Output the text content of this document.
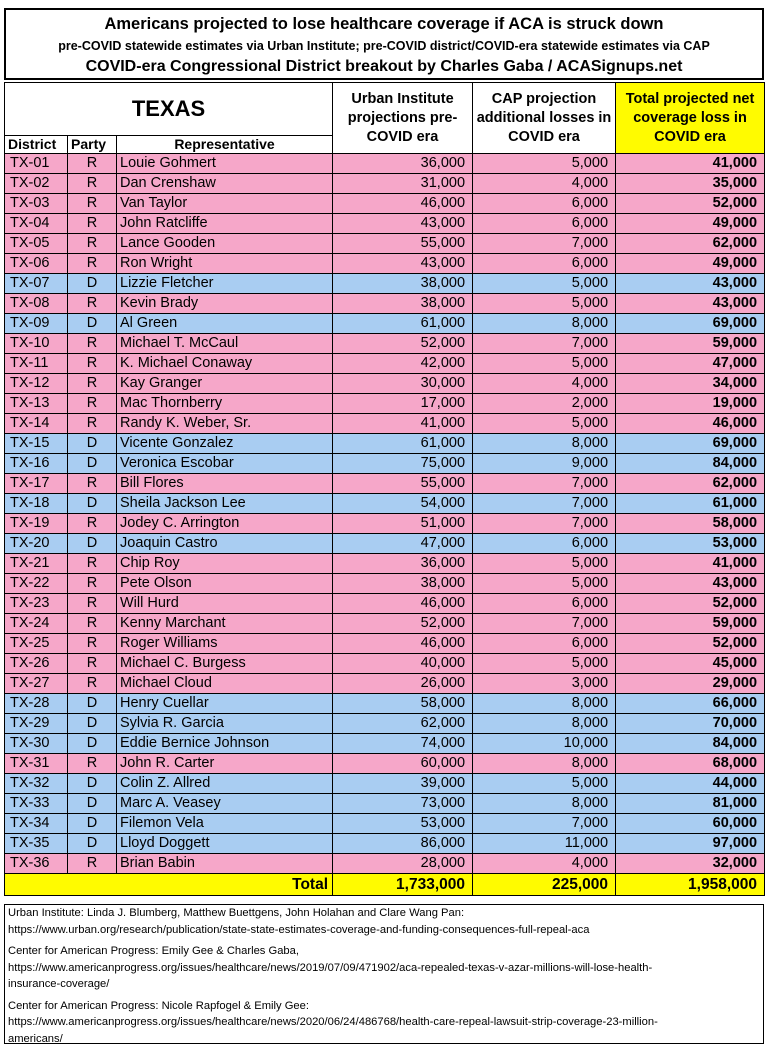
Americans projected to lose healthcare coverage if ACA is struck down
pre-COVID statewide estimates via Urban Institute; pre-COVID district/COVID-era statewide estimates via CAP
COVID-era Congressional District breakout by Charles Gaba / ACASignups.net
TEXAS			Urban Institute projections pre-COVID era	CAP projection additional losses in COVID era	Total projected net coverage loss in COVID era
District	Party	Representative			
TX-01	R	Louie Gohmert	36,000	5,000	41,000
TX-02	R	Dan Crenshaw	31,000	4,000	35,000
TX-03	R	Van Taylor	46,000	6,000	52,000
TX-04	R	John Ratcliffe	43,000	6,000	49,000
TX-05	R	Lance Gooden	55,000	7,000	62,000
TX-06	R	Ron Wright	43,000	6,000	49,000
TX-07	D	Lizzie Fletcher	38,000	5,000	43,000
TX-08	R	Kevin Brady	38,000	5,000	43,000
TX-09	D	Al Green	61,000	8,000	69,000
TX-10	R	Michael T. McCaul	52,000	7,000	59,000
TX-11	R	K. Michael Conaway	42,000	5,000	47,000
TX-12	R	Kay Granger	30,000	4,000	34,000
TX-13	R	Mac Thornberry	17,000	2,000	19,000
TX-14	R	Randy K. Weber, Sr.	41,000	5,000	46,000
TX-15	D	Vicente Gonzalez	61,000	8,000	69,000
TX-16	D	Veronica Escobar	75,000	9,000	84,000
TX-17	R	Bill Flores	55,000	7,000	62,000
TX-18	D	Sheila Jackson Lee	54,000	7,000	61,000
TX-19	R	Jodey C. Arrington	51,000	7,000	58,000
TX-20	D	Joaquin Castro	47,000	6,000	53,000
TX-21	R	Chip Roy	36,000	5,000	41,000
TX-22	R	Pete Olson	38,000	5,000	43,000
TX-23	R	Will Hurd	46,000	6,000	52,000
TX-24	R	Kenny Marchant	52,000	7,000	59,000
TX-25	R	Roger Williams	46,000	6,000	52,000
TX-26	R	Michael C. Burgess	40,000	5,000	45,000
TX-27	R	Michael Cloud	26,000	3,000	29,000
TX-28	D	Henry Cuellar	58,000	8,000	66,000
TX-29	D	Sylvia R. Garcia	62,000	8,000	70,000
TX-30	D	Eddie Bernice Johnson	74,000	10,000	84,000
TX-31	R	John R. Carter	60,000	8,000	68,000
TX-32	D	Colin Z. Allred	39,000	5,000	44,000
TX-33	D	Marc A. Veasey	73,000	8,000	81,000
TX-34	D	Filemon Vela	53,000	7,000	60,000
TX-35	D	Lloyd Doggett	86,000	11,000	97,000
TX-36	R	Brian Babin	28,000	4,000	32,000
Total			1,733,000	225,000	1,958,000
Urban Institute: Linda J. Blumberg, Matthew Buettgens, John Holahan and Clare Wang Pan:
https://www.urban.org/research/publication/state-state-estimates-coverage-and-funding-consequences-full-repeal-aca
Center for American Progress: Emily Gee & Charles Gaba,
https://www.americanprogress.org/issues/healthcare/news/2019/07/09/471902/aca-repealed-texas-v-azar-millions-will-lose-health-
insurance-coverage/
Center for American Progress: Nicole Rapfogel & Emily Gee:
https://www.americanprogress.org/issues/healthcare/news/2020/06/24/486768/health-care-repeal-lawsuit-strip-coverage-23-million-
americans/
